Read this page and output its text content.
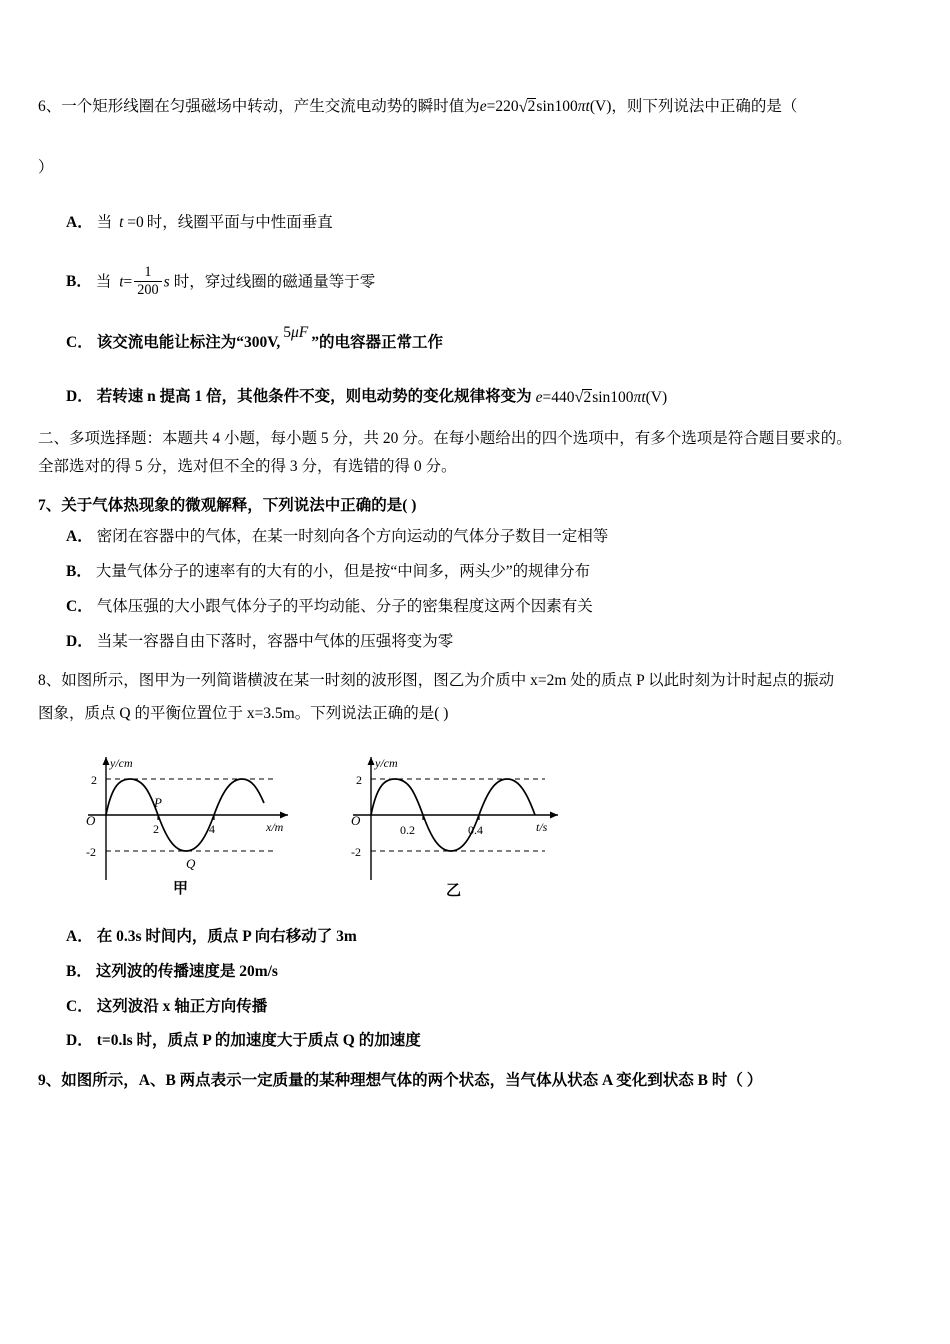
6、一个矩形线圈在匀强磁场中转动，产生交流电动势的瞬时值为e=220 √ 2sin100πt(V)，则下列说法中正确的是（
）
A． 当 t =0 时，线圈平面与中性面垂直
B． 当 $t= \frac{1}{200}$ s 时，穿过线圈的磁通量等于零
C． 该交流电能让标注为“300V,5μF”的电容器正常工作
D． 若转速 n 提高 1 倍，其他条件不变，则电动势的变化规律将变为 e=440 √ 2sin100πt(V)
二、多项选择题：本题共 4 小题，每小题 5 分，共 20 分。在每小题给出的四个选项中，有多个选项是符合题目要求的。
全部选对的得 5 分，选对但不全的得 3 分，有选错的得 0 分。
7、关于气体热现象的微观解释，下列说法中正确的是( )
A． 密闭在容器中的气体，在某一时刻向各个方向运动的气体分子数目一定相等
B． 大量气体分子的速率有的大有的小，但是按“中间多，两头少”的规律分布
C． 气体压强的大小跟气体分子的平均动能、分子的密集程度这两个因素有关
D． 当某一容器自由下落时，容器中气体的压强将变为零
8、如图所示，图甲为一列简谐横波在某一时刻的波形图，图乙为介质中 x=2m 处的质点 P 以此时刻为计时起点的振动
图象，质点 Q 的平衡位置位于 x=3.5m。下列说法正确的是( )
y/cm
x/m
O
2
-2
2	4
P
Q
甲
y/cm
t/s
O
2
-2
0.2	0.4
乙
A． 在 0.3s 时间内，质点 P 向右移动了 3m
B． 这列波的传播速度是 20m/s
C． 这列波沿 x 轴正方向传播
D． t=0.ls 时，质点 P 的加速度大于质点 Q 的加速度
9、如图所示，A、B 两点表示一定质量的某种理想气体的两个状态，当气体从状态 A 变化到状态 B 时（ ）
